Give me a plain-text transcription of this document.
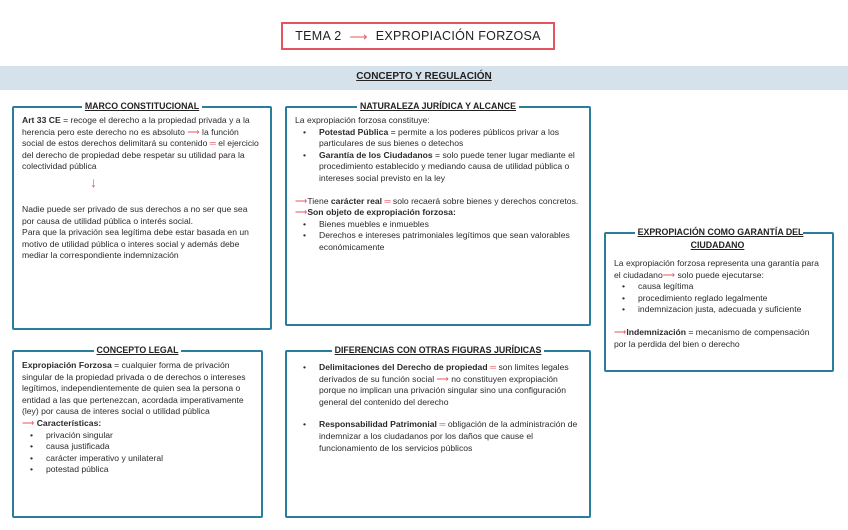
TEMA 2 ⟶ EXPROPIACIÓN FORZOSA
CONCEPTO Y REGULACIÓN
MARCO CONSTITUCIONAL

Art 33 CE = recoge el derecho a la propiedad privada y a la herencia pero este derecho no es absoluto ⟶ la función social de estos derechos delimitará su contenido ═ el ejercicio del derecho de propiedad debe respetar su utilidad para la colectividad pública

↓

Nadie puede ser privado de sus derechos a no ser que sea por causa de utilidad pública o interés social.

Para que la privación sea legítima debe estar basada en un motivo de utilidad pública o interes social y además debe mediar la correspondiente indemnización

NATURALEZA JURÍDICA Y ALCANCE

La expropiación forzosa constituye:

• Potestad Pública = permite a los poderes públicos privar a los particulares de sus bienes o detechos
• Garantía de los Ciudadanos = solo puede tener lugar mediante el procedimiento establecido y mediando causa de utilidad pública o intereses social previsto en la ley

⟶Tiene carácter real ═ solo recaerá sobre bienes y derechos concretos.

⟶Son objeto de expropiación forzosa:

• Bienes muebles e inmuebles
• Derechos e intereses patrimoniales legítimos que sean valorables económicamente
EXPROPIACIÓN COMO GARANTÍA DEL CIUDADANO

La expropiación forzosa representa una garantía para el ciudadano⟶ solo puede ejecutarse:

• causa legítima
• procedimiento reglado legalmente
• indemnizacion justa, adecuada y suficiente

⟶Indemnización = mecanismo de compensación por la perdida del bien o derecho

CONCEPTO LEGAL

Expropiación Forzosa = cualquier forma de privación singular de la propiedad privada o de derechos o intereses legítimos, independientemente de quien sea la persona o entidad a las que pertenezcan, acordada imperativamente (ley) por causa de interes social o utilidad pública

⟶ Características:

• privación singular
• causa justificada
• carácter imperativo y unilateral
• potestad pública
DIFERENCIAS CON OTRAS FIGURAS JURÍDICAS
• Delimitaciones del Derecho de propiedad ═ son limites legales derivados de su función social ⟶ no constituyen expropiación porque no implican una privación singular sino una configuración general del contenido del derecho
• Responsabilidad Patrimonial ═ obligación de la administración de indemnizar a los ciudadanos por los daños que cause el funcionamiento de los servicios públicos
